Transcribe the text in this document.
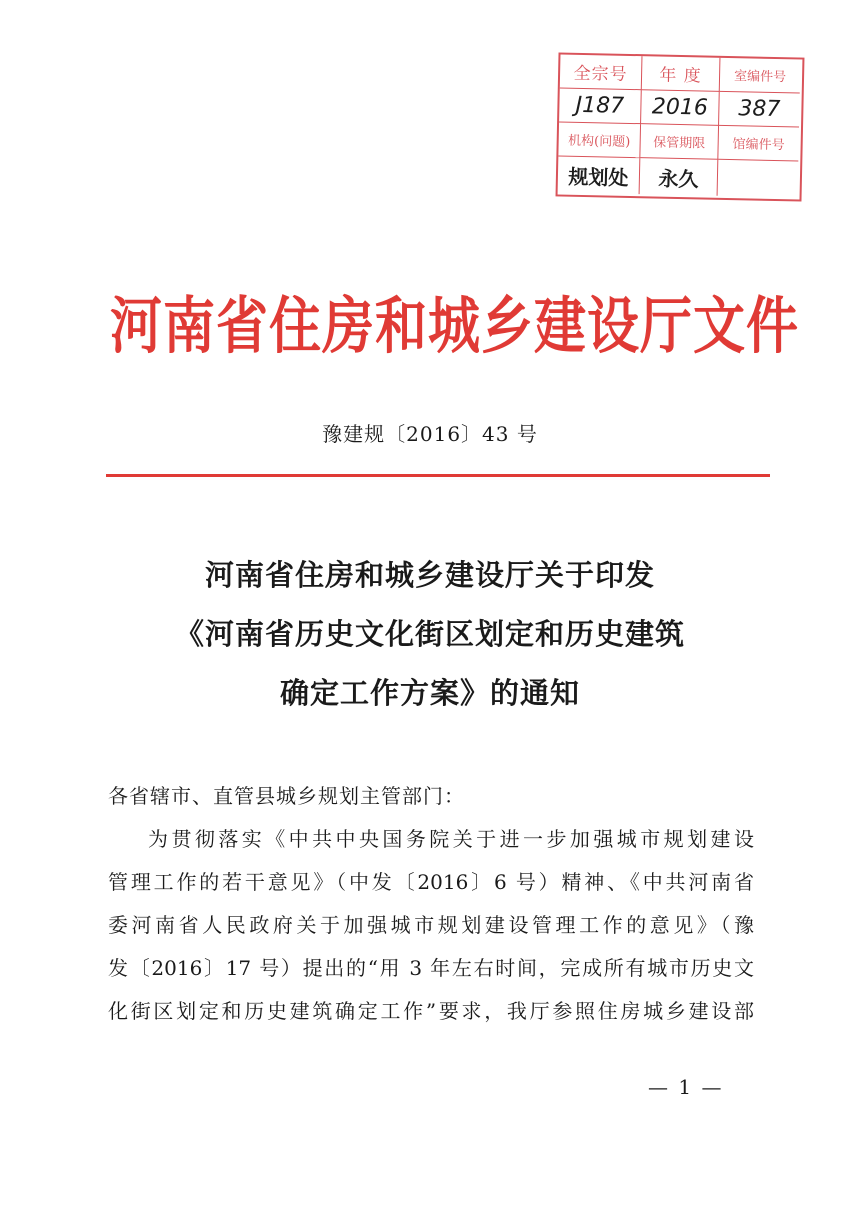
全宗号 年 度 室编件号
J187 2016 387
机构(问题) 保管期限 馆编件号
规划处 永久
河南省住房和城乡建设厅文件
豫建规〔2016〕43 号
河南省住房和城乡建设厅关于印发
《河南省历史文化街区划定和历史建筑
确定工作方案》的通知
各省辖市、直管县城乡规划主管部门：
为贯彻落实《中共中央国务院关于进一步加强城市规划建设
管理工作的若干意见》（中发〔2016〕6 号）精神、《中共河南省
委河南省人民政府关于加强城市规划建设管理工作的意见》（豫
发〔2016〕17 号）提出的“用 3 年左右时间，完成所有城市历史文
化街区划定和历史建筑确定工作”要求，我厅参照住房城乡建设部
— 1 —
